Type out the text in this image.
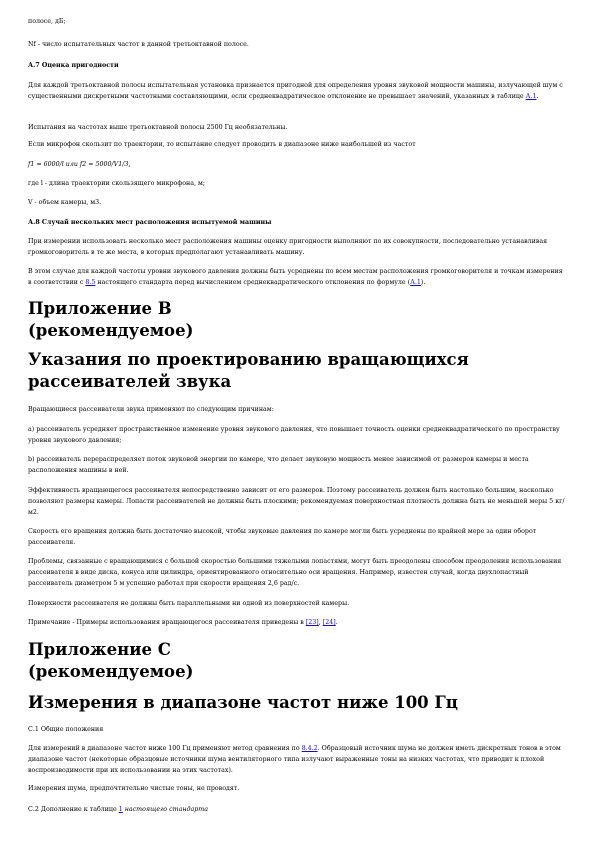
полосе, дБ;

Nf - число испытательных частот в данной третьоктавной полосе.

А.7 Оценка пригодности

Для каждой третьоктавной полосы испытательная установка признается пригодной для определения уровня звуковой мощности машины, излучающей шум с существенными дискретными частотными составляющими, если среднеквадратическое отклонение не превышает значений, указанных в таблице А.1.

Испытания на частотах выше третьоктавной полосы 2500 Гц необязательны.

Если микрофон скользит по траектории, то испытание следует проводить в диапазоне ниже наибольшей из частот

f1 = 6000/l или f2 = 5000/V1/3,

где l - длина траектории скользящего микрофона, м;

V - объем камеры, м3.

А.8 Случай нескольких мест расположения испытуемой машины

При измерении использовать несколько мест расположения машины оценку пригодности выполняют по их совокупности, последовательно устанавливая громкоговоритель в те же места, в которых предполагают устанавливать машину.

В этом случае для каждой частоты уровни звукового давления должны быть усреднены по всем местам расположения громкоговорителя и точкам измерения в соответствии с 8.5 настоящего стандарта перед вычислением среднеквадратического отклонения по формуле (А.1).

Приложение В (рекомендуемое)
Указания по проектированию вращающихся рассеивателей звука

Вращающиеся рассеиватели звука применяют по следующим причинам:

а) рассеиватель усредняет пространственное изменение уровня звукового давления, что повышает точность оценки среднеквадратического по пространству уровня звукового давления;

b) рассеиватель перераспределяет поток звуковой энергии по камере, что делает звуковую мощность менее зависимой от размеров камеры и места расположения машины в ней.

Эффективность вращающегося рассеивателя непосредственно зависит от его размеров. Поэтому рассеиватель должен быть настолько большим, насколько позволяют размеры камеры. Лопасти рассеивателей не должны быть плоскими; рекомендуемая поверхностная плотность должна быть не меньшей меры 5 кг/м2.

Скорость его вращения должна быть достаточно высокой, чтобы звуковые давления по камере могли быть усреднены по крайней мере за один оборот рассеивателя.

Проблемы, связанные с вращающимися с большой скоростью большими тяжелыми лопастями, могут быть преодолены способом преодоления использования рассеивателя в виде диска, конуса или цилиндра, ориентированного относительно оси вращения. Например, известен случай, когда двухлопастный рассеиватель диаметром 5 м успешно работал при скорости вращения 2,6 рад/с.

Поверхности рассеивателя не должны быть параллельными ни одной из поверхностей камеры.

Примечание - Примеры использования вращающегося рассеивателя приведены в [23], [24].

Приложение С (рекомендуемое)
Измерения в диапазоне частот ниже 100 Гц

С.1 Общие положения

Для измерений в диапазоне частот ниже 100 Гц применяют метод сравнения по 8.4.2. Образцовый источник шума не должен иметь дискретных тонов в этом диапазоне частот (некоторые образцовые источники шума вентиляторного типа излучают выраженные тоны на низких частотах, что приводит к плохой воспроизводимости при их использовании на этих частотах).

Измерения шума, предпочтительно чистые тоны, не проводят.

С.2 Дополнение к таблице 1 настоящего стандарта
